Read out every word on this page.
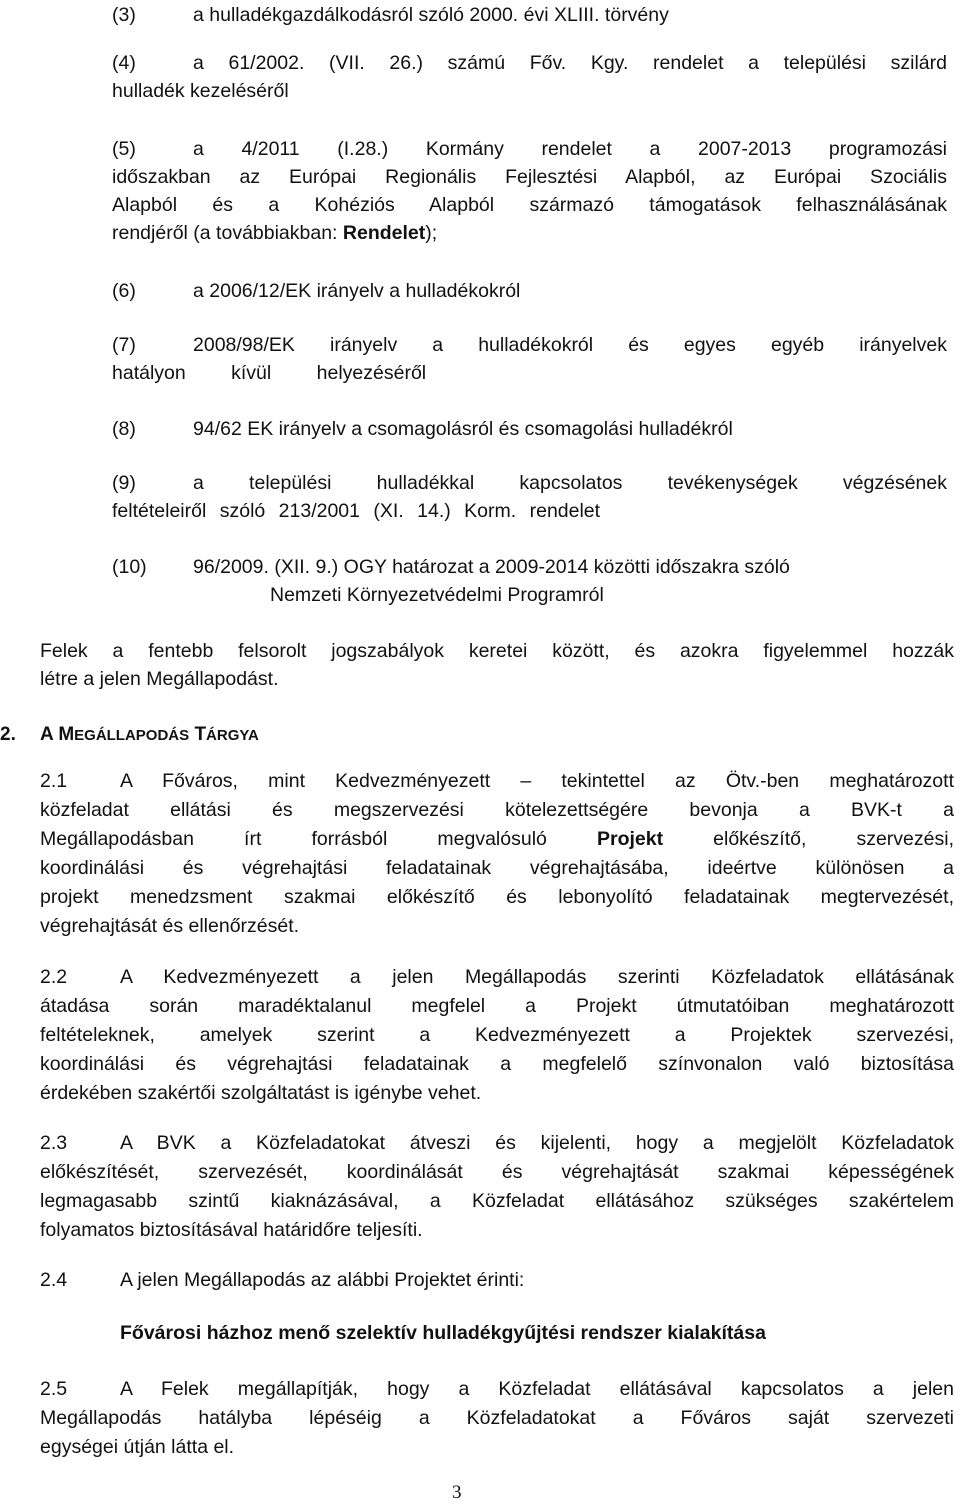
(3)	a hulladékgazdálkodásról szóló 2000. évi XLIII. törvény
(4)	a 61/2002. (VII. 26.) számú Főv. Kgy. rendelet a települési szilárd
hulladék kezeléséről
(5)	a 4/2011 (I.28.) Kormány rendelet a 2007-2013 programozási
időszakban az Európai Regionális Fejlesztési Alapból, az Európai Szociális
Alapból és a Kohéziós Alapból származó támogatások felhasználásának
rendjéről (a továbbiakban: Rendelet);
(6)	a 2006/12/EK irányelv a hulladékokról
(7)	2008/98/EK irányelv a hulladékokról és egyes egyéb irányelvek
hatályon kívül helyezéséről
(8)	94/62 EK irányelv a csomagolásról és csomagolási hulladékról
(9)	a települési hulladékkal kapcsolatos tevékenységek végzésének
feltételeiről szóló 213/2001 (XI. 14.) Korm. rendelet
(10) 96/2009. (XII. 9.) OGY határozat a 2009-2014 közötti időszakra szóló
Nemzeti Környezetvédelmi Programról
Felek a fentebb felsorolt jogszabályok keretei között, és azokra figyelemmel hozzák
létre a jelen Megállapodást.
2. A MEGÁLLAPODÁS TÁRGYA
2.1	A Főváros, mint Kedvezményezett – tekintettel az Ötv.-ben meghatározott
közfeladat ellátási és megszervezési kötelezettségére bevonja a BVK-t a
Megállapodásban írt forrásból megvalósuló Projekt előkészítő, szervezési,
koordinálási és végrehajtási feladatainak végrehajtásába, ideértve különösen a
projekt menedzsment szakmai előkészítő és lebonyolító feladatainak megtervezését,
végrehajtását és ellenőrzését.
2.2	A Kedvezményezett a jelen Megállapodás szerinti Közfeladatok ellátásának
átadása során maradéktalanul megfelel a Projekt útmutatóiban meghatározott
feltételeknek, amelyek szerint a Kedvezményezett a Projektek szervezési,
koordinálási és végrehajtási feladatainak a megfelelő színvonalon való biztosítása
érdekében szakértői szolgáltatást is igénybe vehet.
2.3	A BVK a Közfeladatokat átveszi és kijelenti, hogy a megjelölt Közfeladatok
előkészítését, szervezését, koordinálását és végrehajtását szakmai képességének
legmagasabb szintű kiaknázásával, a Közfeladat ellátásához szükséges szakértelem
folyamatos biztosításával határidőre teljesíti.
2.4	A jelen Megállapodás az alábbi Projektet érinti:
Fővárosi házhoz menő szelektív hulladékgyűjtési rendszer kialakítása
2.5	A Felek megállapítják, hogy a Közfeladat ellátásával kapcsolatos a jelen
Megállapodás hatályba lépéséig a Közfeladatokat a Főváros saját szervezeti
egységei útján látta el.
3
